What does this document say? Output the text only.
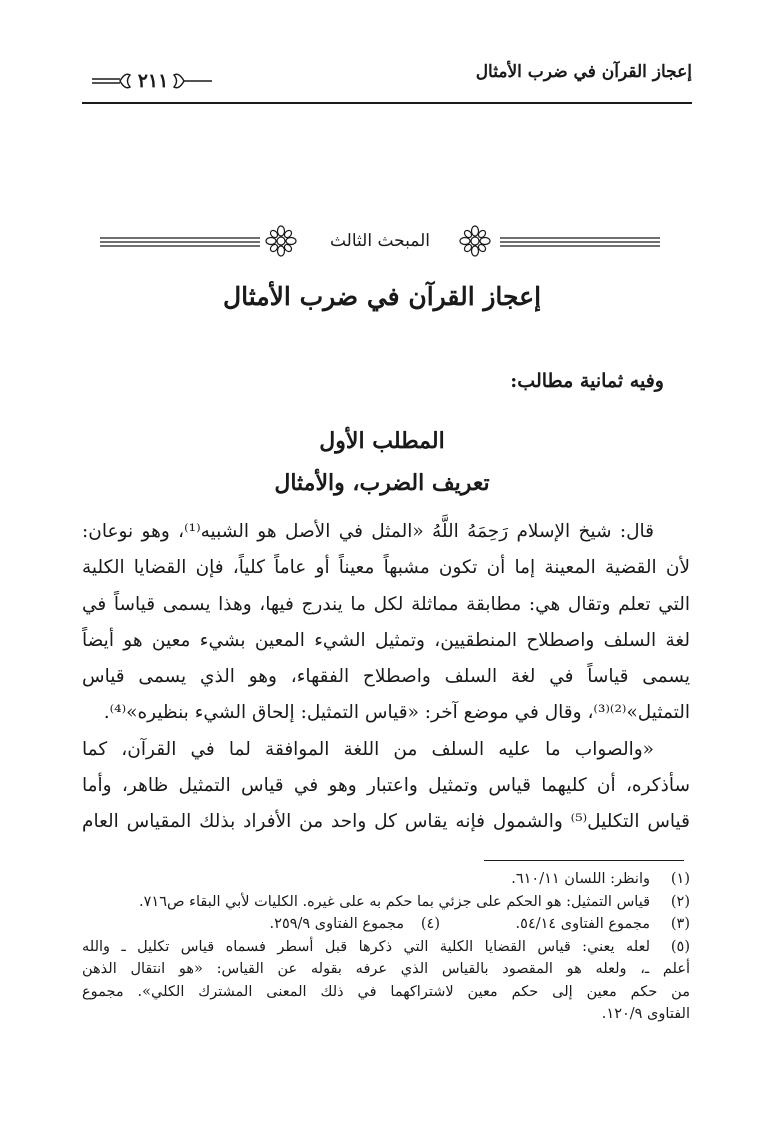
إعجاز القرآن في ضرب الأمثال
٢١١
المبحث الثالث
إعجاز القرآن في ضرب الأمثال
وفيه ثمانية مطالب:
المطلب الأول
تعريف الضرب، والأمثال
قال: شيخ الإسلام رَحِمَهُ اللَّهُ «المثل في الأصل هو الشبيه⁽¹⁾، وهو نوعان:
لأن القضية المعينة إما أن تكون مشبهاً معيناً أو عاماً كلياً، فإن القضايا الكلية
التي تعلم وتقال هي: مطابقة مماثلة لكل ما يندرج فيها، وهذا يسمى قياساً في
لغة السلف واصطلاح المنطقيين، وتمثيل الشيء المعين بشيء معين هو أيضاً
يسمى قياساً في لغة السلف واصطلاح الفقهاء، وهو الذي يسمى قياس
التمثيل»⁽²⁾⁽³⁾، وقال في موضع آخر: «قياس التمثيل: إلحاق الشيء بنظيره»⁽⁴⁾.
«والصواب ما عليه السلف من اللغة الموافقة لما في القرآن، كما
سأذكره، أن كليهما قياس وتمثيل واعتبار وهو في قياس التمثيل ظاهر، وأما
قياس التكليل⁽⁵⁾ والشمول فإنه يقاس كل واحد من الأفراد بذلك المقياس العام
(١)
وانظر: اللسان ٦١٠/١١.
(٢)
قياس التمثيل: هو الحكم على جزئي بما حكم به على غيره. الكليات لأبي البقاء ص٧١٦.
(٣)
مجموع الفتاوى ٥٤/١٤.
(٤)
مجموع الفتاوى ٢٥٩/٩.
(٥)
لعله يعني: قياس القضايا الكلية التي ذكرها قبل أسطر فسماه قياس تكليل ـ والله
أعلم ـ، ولعله هو المقصود بالقياس الذي عرفه بقوله عن القياس: «هو انتقال الذهن
من حكم معين إلى حكم معين لاشتراكهما في ذلك المعنى المشترك الكلي». مجموع
الفتاوى ١٢٠/٩.
